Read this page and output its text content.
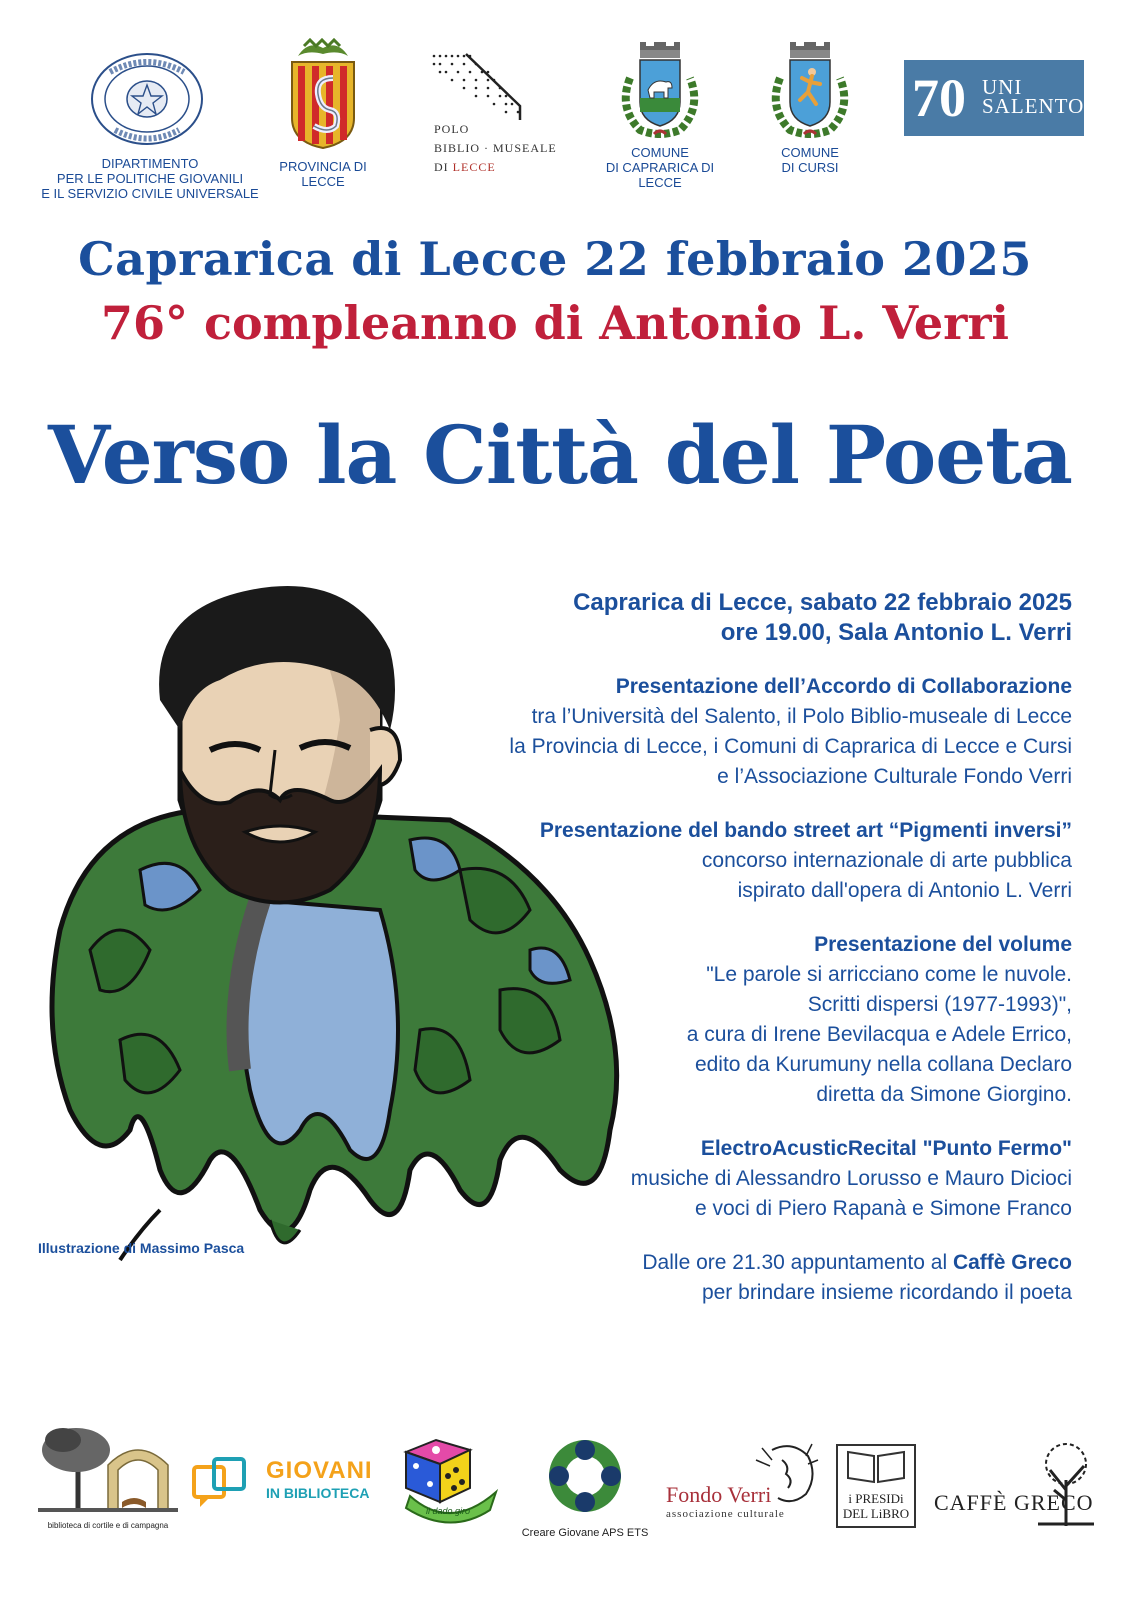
DIPARTIMENTO
PER LE POLITICHE GIOVANILI
E IL SERVIZIO CIVILE UNIVERSALE
PROVINCIA DI LECCE
POLO
BIBLIO · MUSEALE
DI LECCE
COMUNE
DI CAPRARICA DI LECCE
COMUNE
DI CURSI
70 UNI
SALENTO
Caprarica di Lecce 22 febbraio 2025
76° compleanno di Antonio L. Verri
Verso la Città del Poeta
Illustrazione di Massimo Pasca
Caprarica di Lecce, sabato 22 febbraio 2025
ore 19.00, Sala Antonio L. Verri
Presentazione dell’Accordo di Collaborazione
tra l’Università del Salento, il Polo Biblio-museale di Lecce
la Provincia di Lecce, i Comuni di Caprarica di Lecce e Cursi
e l’Associazione Culturale Fondo Verri
Presentazione del bando street art “Pigmenti inversi”
concorso internazionale di arte pubblica
ispirato dall'opera di Antonio L. Verri
Presentazione del volume
"Le parole si arricciano come le nuvole.
Scritti dispersi (1977-1993)",
a cura di Irene Bevilacqua e Adele Errico,
edito da Kurumuny nella collana Declaro
diretta da Simone Giorgino.
ElectroAcusticRecital "Punto Fermo"
musiche di Alessandro Lorusso e Mauro Dicioci
e voci di Piero Rapanà e Simone Franco
Dalle ore 21.30 appuntamento al Caffè Greco
per brindare insieme ricordando il poeta
biblioteca di cortile e di campagna
GIOVANI
IN BIBLIOTECA
il dado giro
Creare Giovane APS ETS
Fondo Verri
associazione culturale
i PRESIDi
DEL LiBRO CAFFÈ GRECO
